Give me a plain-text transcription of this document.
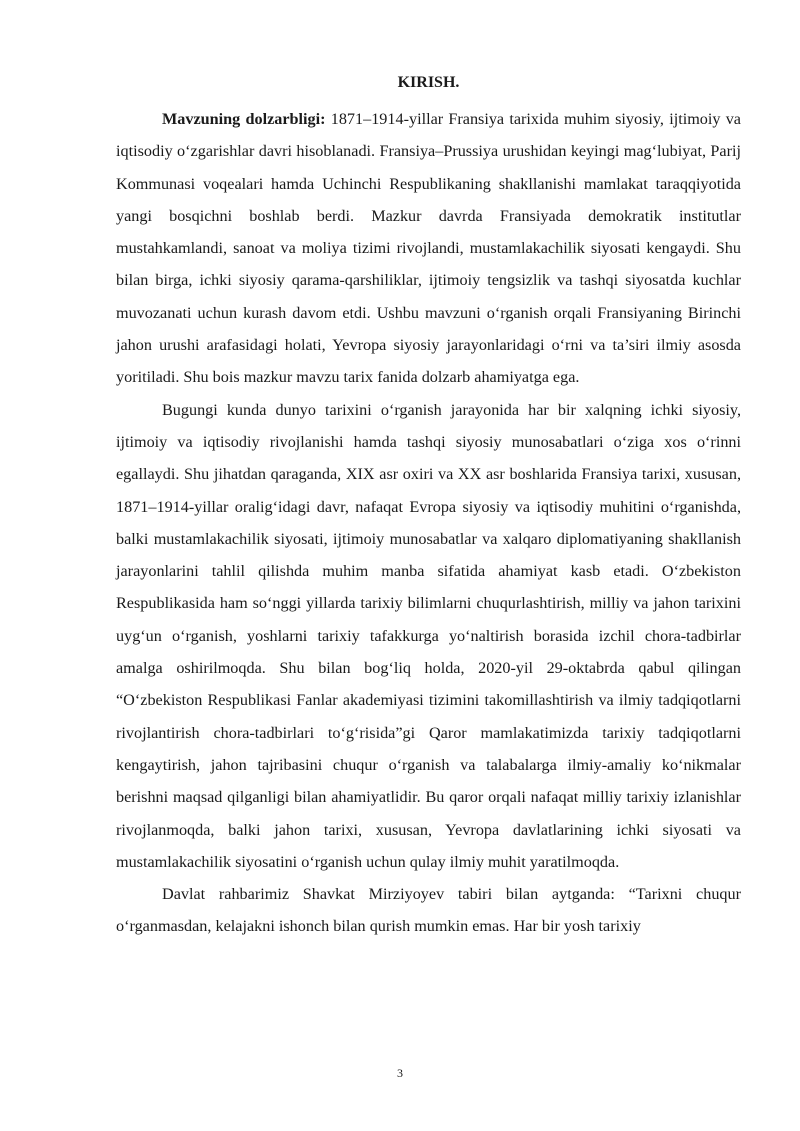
KIRISH.

Mavzuning dolzarbligi: 1871–1914-yillar Fransiya tarixida muhim siyosiy, ijtimoiy va iqtisodiy o‘zgarishlar davri hisoblanadi. Fransiya–Prussiya urushidan keyingi mag‘lubiyat, Parij Kommunasi voqealari hamda Uchinchi Respublikaning shakllanishi mamlakat taraqqiyotida yangi bosqichni boshlab berdi. Mazkur davrda Fransiyada demokratik institutlar mustahkamlandi, sanoat va moliya tizimi rivojlandi, mustamlakachilik siyosati kengaydi. Shu bilan birga, ichki siyosiy qarama-qarshiliklar, ijtimoiy tengsizlik va tashqi siyosatda kuchlar muvozanati uchun kurash davom etdi. Ushbu mavzuni o‘rganish orqali Fransiyaning Birinchi jahon urushi arafasidagi holati, Yevropa siyosiy jarayonlaridagi o‘rni va ta’siri ilmiy asosda yoritiladi. Shu bois mazkur mavzu tarix fanida dolzarb ahamiyatga ega.

Bugungi kunda dunyo tarixini o‘rganish jarayonida har bir xalqning ichki siyosiy, ijtimoiy va iqtisodiy rivojlanishi hamda tashqi siyosiy munosabatlari o‘ziga xos o‘rinni egallaydi. Shu jihatdan qaraganda, XIX asr oxiri va XX asr boshlarida Fransiya tarixi, xususan, 1871–1914-yillar oralig‘idagi davr, nafaqat Evropa siyosiy va iqtisodiy muhitini o‘rganishda, balki mustamlakachilik siyosati, ijtimoiy munosabatlar va xalqaro diplomatiyaning shakllanish jarayonlarini tahlil qilishda muhim manba sifatida ahamiyat kasb etadi. O‘zbekiston Respublikasida ham so‘nggi yillarda tarixiy bilimlarni chuqurlashtirish, milliy va jahon tarixini uyg‘un o‘rganish, yoshlarni tarixiy tafakkurga yo‘naltirish borasida izchil chora-tadbirlar amalga oshirilmoqda. Shu bilan bog‘liq holda, 2020-yil 29-oktabrda qabul qilingan “O‘zbekiston Respublikasi Fanlar akademiyasi tizimini takomillashtirish va ilmiy tadqiqotlarni rivojlantirish chora-tadbirlari to‘g‘risida”gi Qaror mamlakatimizda tarixiy tadqiqotlarni kengaytirish, jahon tajribasini chuqur o‘rganish va talabalarga ilmiy-amaliy ko‘nikmalar berishni maqsad qilganligi bilan ahamiyatlidir. Bu qaror orqali nafaqat milliy tarixiy izlanishlar rivojlanmoqda, balki jahon tarixi, xususan, Yevropa davlatlarining ichki siyosati va mustamlakachilik siyosatini o‘rganish uchun qulay ilmiy muhit yaratilmoqda.

Davlat rahbarimiz Shavkat Mirziyoyev tabiri bilan aytganda: “Tarixni chuqur o‘rganmasdan, kelajakni ishonch bilan qurish mumkin emas. Har bir yosh tarixiy

3
